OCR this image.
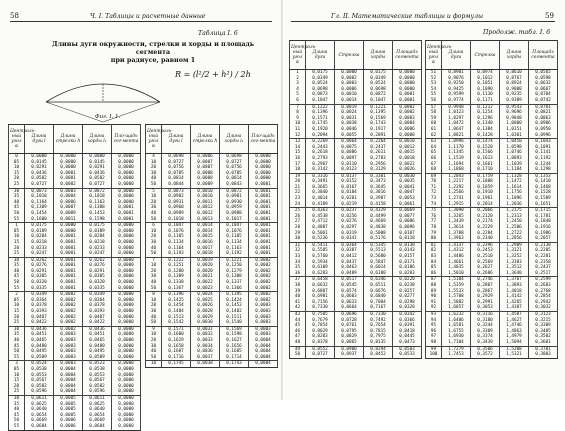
58	Ч. I. Таблицы и расчетные данные
Таблица I. 6
Длины дуги окружности, стрелки и хорды и площадь сегмента
при радиусе, равном 1
R = (l²/2 + h²) / 2h
Фиг. I. 1.
Централь-ный угол α	Длина дуги l	Длина стрелки h	Длина хорды l₁	Пло-щадь сег-мента
0	0,0000	0,0000	0,0000	0,0000
05	0,0145	0,0000	0,0145	0,0000
10	0,0291	0,0000	0,0291	0,0000
15	0,0436	0,0001	0,0436	0,0000
20	0,0582	0,0001	0,0582	0,0000
25	0,0727	0,0002	0,0727	0,0000
30	0,0873	0,0003	0,0872	0,0000
35	0,1018	0,0004	0,1018	0,0000
40	0,1164	0,0006	0,1163	0,0000
45	0,1309	0,0007	0,1308	0,0001
50	0,1454	0,0009	0,1453	0,0001
55	0,1600	0,0011	0,1598	0,0001
1	0,0175	0,0000	0,0175	0,0000
05	0,0189	0,0000	0,0189	0,0000
10	0,0204	0,0001	0,0204	0,0000
15	0,0218	0,0001	0,0218	0,0000
20	0,0233	0,0001	0,0233	0,0000
25	0,0247	0,0001	0,0247	0,0000
30	0,0262	0,0001	0,0262	0,0000
35	0,0276	0,0001	0,0276	0,0000
40	0,0291	0,0001	0,0291	0,0000
45	0,0305	0,0001	0,0305	0,0000
50	0,0320	0,0001	0,0320	0,0000
55	0,0335	0,0001	0,0335	0,0000
2	0,0349	0,0002	0,0349	0,0000
05	0,0364	0,0002	0,0364	0,0000
10	0,0378	0,0002	0,0378	0,0000
15	0,0393	0,0002	0,0393	0,0000
20	0,0407	0,0002	0,0407	0,0000
25	0,0422	0,0002	0,0422	0,0000
30	0,0436	0,0002	0,0436	0,0000
35	0,0451	0,0003	0,0451	0,0000
40	0,0465	0,0003	0,0465	0,0000
45	0,0480	0,0003	0,0480	0,0000
50	0,0495	0,0003	0,0495	0,0000
55	0,0509	0,0003	0,0509	0,0000
3	0,0524	0,0003	0,0523	0,0000
05	0,0538	0,0004	0,0538	0,0000
10	0,0553	0,0004	0,0553	0,0000
15	0,0567	0,0004	0,0567	0,0000
20	0,0582	0,0004	0,0582	0,0000
25	0,0596	0,0004	0,0596	0,0000
30	0,0611	0,0005	0,0611	0,0000
35	0,0625	0,0005	0,0625	0,0000
40	0,0640	0,0005	0,0640	0,0000
45	0,0654	0,0005	0,0654	0,0000
50	0,0669	0,0006	0,0669	0,0000
55	0,0684	0,0006	0,0684	0,0000
Централь-ный угол α	Длина дуги l	Длина стрелки h	Длина хорды l₁	Пло-щадь сег-мента
4	0,0698	0,0006	0,0698	0,0000
10	0,0727	0,0007	0,0727	0,0000
20	0,0756	0,0007	0,0756	0,0000
30	0,0785	0,0008	0,0785	0,0000
40	0,0814	0,0008	0,0814	0,0000
50	0,0844	0,0009	0,0843	0,0001
5	0,0873	0,0010	0,0872	0,0001
10	0,0902	0,0010	0,0901	0,0001
20	0,0931	0,0011	0,0930	0,0001
30	0,0960	0,0012	0,0959	0,0001
40	0,0989	0,0012	0,0988	0,0001
50	0,1018	0,0013	0,1017	0,0001
6	0,1047	0,0014	0,1047	0,0001
10	0,1076	0,0014	0,1076	0,0001
20	0,1105	0,0015	0,1105	0,0001
30	0,1134	0,0016	0,1134	0,0001
40	0,1164	0,0017	0,1163	0,0001
50	0,1193	0,0018	0,1192	0,0001
7	0,1222	0,0019	0,1221	0,0002
10	0,1251	0,0020	0,1250	0,0002
20	0,1280	0,0020	0,1279	0,0002
30	0,1309	0,0021	0,1308	0,0002
40	0,1338	0,0022	0,1337	0,0002
50	0,1367	0,0023	0,1366	0,0002
8	0,1396	0,0024	0,1395	0,0002
10	0,1425	0,0025	0,1424	0,0002
20	0,1454	0,0026	0,1453	0,0003
30	0,1484	0,0028	0,1482	0,0003
40	0,1513	0,0029	0,1511	0,0003
50	0,1542	0,0030	0,1540	0,0003
9	0,1571	0,0031	0,1569	0,0003
10	0,1600	0,0032	0,1598	0,0003
20	0,1629	0,0033	0,1627	0,0004
30	0,1658	0,0034	0,1656	0,0004
40	0,1687	0,0036	0,1685	0,0004
50	0,1716	0,0037	0,1714	0,0004
10	0,1745	0,0038	0,1743	0,0004
Гл. II. Математические таблицы и формулы	59
Продолж. табл. I. 6
Централь-ный угол α	Длина дуги	Стрелка	Длина хорды	Площадь сегмента
1	0,0175	0,0000	0,0175	0,0000
2	0,0349	0,0002	0,0349	0,0000
3	0,0524	0,0003	0,0524	0,0000
4	0,0698	0,0006	0,0698	0,0000
5	0,0873	0,0010	0,0872	0,0001
6	0,1047	0,0014	0,1047	0,0001
7	0,1222	0,0019	0,1221	0,0002
8	0,1396	0,0024	0,1395	0,0002
9	0,1571	0,0031	0,1569	0,0003
10	0,1745	0,0038	0,1743	0,0004
11	0,1920	0,0046	0,1917	0,0006
12	0,2094	0,0055	0,2091	0,0008
13	0,2269	0,0064	0,2264	0,0010
14	0,2443	0,0075	0,2437	0,0012
15	0,2618	0,0086	0,2611	0,0015
16	0,2793	0,0097	0,2783	0,0018
17	0,2967	0,0110	0,2956	0,0022
18	0,3142	0,0123	0,3129	0,0026
19	0,3316	0,0137	0,3301	0,0030
20	0,3491	0,0152	0,3473	0,0035
21	0,3665	0,0167	0,3645	0,0041
22	0,3840	0,0184	0,3816	0,0047
23	0,4014	0,0201	0,3987	0,0053
24	0,4189	0,0219	0,4158	0,0061
25	0,4363	0,0237	0,4329	0,0069
26	0,4538	0,0256	0,4499	0,0077
27	0,4712	0,0276	0,4669	0,0086
28	0,4887	0,0297	0,4838	0,0096
29	0,5061	0,0319	0,5008	0,0107
30	0,5236	0,0341	0,5176	0,0118
31	0,5411	0,0364	0,5345	0,0130
32	0,5585	0,0387	0,5513	0,0143
33	0,5760	0,0412	0,5680	0,0157
34	0,5934	0,0437	0,5847	0,0171
35	0,6109	0,0463	0,6014	0,0186
36	0,6283	0,0489	0,6180	0,0203
37	0,6458	0,0517	0,6346	0,0220
38	0,6632	0,0545	0,6511	0,0238
39	0,6807	0,0574	0,6676	0,0257
40	0,6981	0,0603	0,6840	0,0277
41	0,7156	0,0633	0,7004	0,0298
42	0,7330	0,0664	0,7167	0,0320
43	0,7505	0,0696	0,7330	0,0342
44	0,7679	0,0728	0,7492	0,0366
45	0,7854	0,0761	0,7654	0,0391
46	0,8029	0,0795	0,7815	0,0418
47	0,8203	0,0829	0,7975	0,0445
48	0,8378	0,0865	0,8135	0,0473
49	0,8552	0,0900	0,8294	0,0503
50	0,8727	0,0937	0,8452	0,0533
Централь-ный угол α	Длина дуги	Стрелка	Длина хорды	Площадь сегмента
51	0,8901	0,0974	0,8610	0,0565
52	0,9076	0,1012	0,8767	0,0598
53	0,9250	0,1051	0,8924	0,0632
54	0,9425	0,1090	0,9080	0,0667
55	0,9599	0,1130	0,9235	0,0704
56	0,9774	0,1171	0,9389	0,0742
57	0,9948	0,1212	0,9543	0,0781
58	1,0123	0,1254	0,9696	0,0821
59	1,0297	0,1296	0,9848	0,0863
60	1,0472	0,1340	1,0000	0,0906
61	1,0647	0,1384	1,0151	0,0950
62	1,0821	0,1428	1,0301	0,0996
63	1,0996	0,1474	1,0450	0,1043
64	1,1170	0,1520	1,0598	0,1091
65	1,1345	0,1566	1,0746	0,1141
66	1,1519	0,1613	1,0893	0,1192
67	1,1694	0,1661	1,1039	0,1244
68	1,1868	0,1710	1,1184	0,1298
69	1,2043	0,1759	1,1328	0,1353
70	1,2217	0,1808	1,1472	0,1410
71	1,2392	0,1859	1,1614	0,1468
72	1,2566	0,1910	1,1756	0,1528
73	1,2741	0,1961	1,1896	0,1589
74	1,2915	0,2014	1,2036	0,1651
75	1,3090	0,2066	1,2175	0,1715
76	1,3265	0,2120	1,2313	0,1781
77	1,3439	0,2174	1,2450	0,1848
78	1,3614	0,2229	1,2586	0,1916
79	1,3788	0,2284	1,2722	0,1986
80	1,3963	0,2340	1,2856	0,2057
81	1,4137	0,2396	1,2989	0,2130
82	1,4312	0,2453	1,3121	0,2205
83	1,4486	0,2510	1,3252	0,2281
84	1,4661	0,2569	1,3383	0,2358
85	1,4835	0,2627	1,3512	0,2437
86	1,5010	0,2686	1,3640	0,2517
87	1,5184	0,2746	1,3767	0,2599
88	1,5359	0,2807	1,3893	0,2683
89	1,5533	0,2867	1,4018	0,2768
90	1,5708	0,2929	1,4142	0,2854
91	1,5882	0,2991	1,4265	0,2942
92	1,6057	0,3053	1,4387	0,3032
93	1,6232	0,3116	1,4507	0,3123
94	1,6406	0,3180	1,4627	0,3215
95	1,6581	0,3244	1,4746	0,3309
96	1,6755	0,3309	1,4863	0,3405
97	1,6930	0,3374	1,4979	0,3502
98	1,7104	0,3439	1,5094	0,3601
99	1,7279	0,3506	1,5208	0,3701
100	1,7453	0,3572	1,5321	0,3803
